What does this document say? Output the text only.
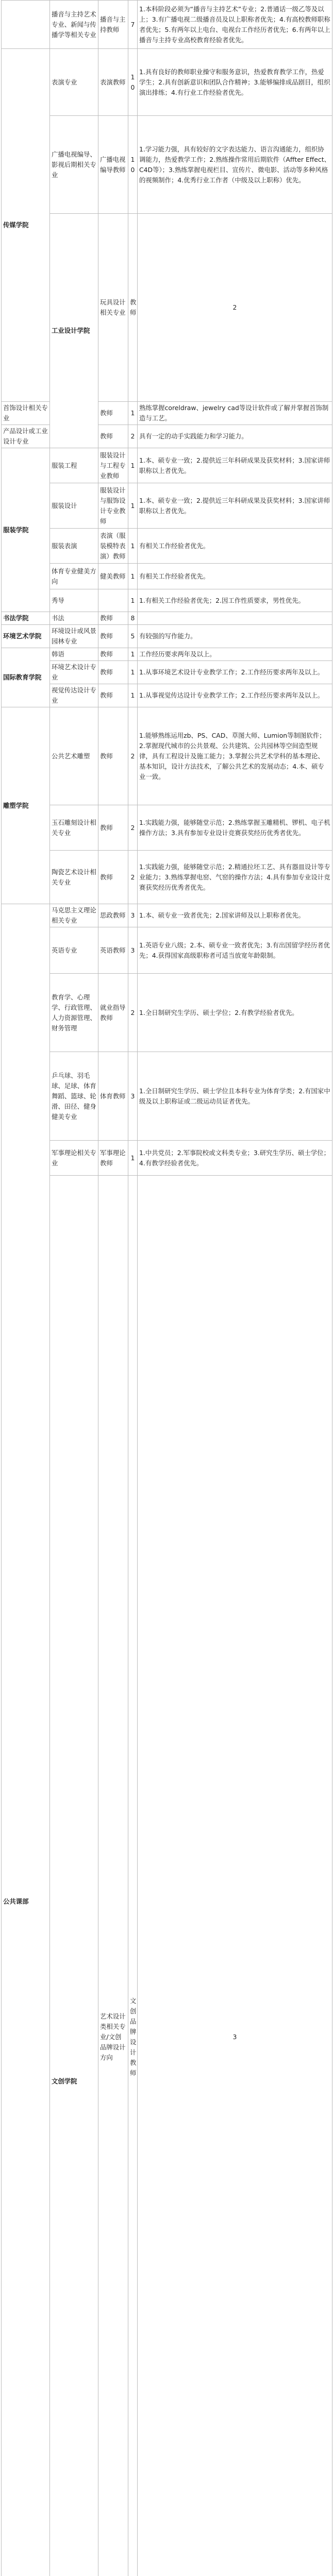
	播音与主持艺术专业、新闻与传播学等相关专业	播音与主持教师	7	1.本科阶段必须为“播音与主持艺术”专业；2.普通话一级乙等及以上；3.有广播电视二级播音员及以上职称者优先；4.有高校教师职称者优先；5.有两年以上电台、电视台工作经历者优先；6.有两年以上播音与主持专业高校教育经验者优先。	
传媒学院	表演专业	表演教师	10	1.具有良好的教师职业操守和服务意识，热爱教育教学工作，热爱学生；2.具有创新意识和团队合作精神；3.能够编排成品剧目，组织演出排练；4.有行业工作经验者优先。	
	广播电视编导、影视后期相关专业	广播电视编导教师	10	1.学习能力强，具有较好的文字表达能力、语言沟通能力，组织协调能力，热爱教学工作；2.熟练操作常用后期软件（Affter Effect、C4D等）；3.熟练掌握电视栏目、宣传片、微电影、活动等多种风格的视频制作；4.优秀行业工作者（中级及以上职称）优先。	
	工业设计学院	玩具设计相关专业	教师	2	
首饰设计相关专业		教师	1	熟练掌握coreldraw、jewelry cad等设计软件或了解并掌握首饰制造与工艺。	
产品设计或工业设计专业		教师	2	具有一定的动手实践能力和学习能力。	
服装学院	服装工程	服装设计与工程专业教师	1	1.本、硕专业一致；2.提供近三年科研成果及获奖材料；3.国家讲师职称以上者优先。	
	服装设计	服装设计与服饰设计专业教师	1	1.本、硕专业一致；2.提供近三年科研成果及获奖材料；3.国家讲师职称以上者优先。	
	服装表演	表演（服装模特表演）教师	1	有相关工作经验者优先。	
	体育专业健美方向	健美教师	1	有相关工作经验者优先。	
	秀导		1	1.有相关工作经验者优先；2.因工作性质要求，男性优先。	
书法学院	书法	教师	8		
环境艺术学院	环境设计或风景园林专业	教师	5	有较强的写作能力。	
国际教育学院	韩语	教师	1	工作经历要求两年及以上。	
	环境艺术设计专业	教师	1	1.从事环境艺术设计专业教学工作；2.工作经历要求两年及以上。	
	视觉传达设计专业	教师	1	1.从事视觉传达设计专业教学工作；2.工作经历要求两年及以上。	
雕塑学院	公共艺术雕塑	教师	2	1.能够熟练运用zb、PS、CAD、草图大师、Lumion等制图软件；2.掌握现代城市的公共景观、公共建筑、公共园林等空间造型规律，具有工程设计及施工能力；3.掌握公共艺术学科的基本理论、基本知识，设计方法技术，了解公共艺术的发展动态；4.本、硕专业一致。	
	玉石雕刻设计相关专业	教师	2	1.实践能力强，能够随堂示范；2.熟练掌握玉雕精机、锣机、电子机操作方法；3.具有参加专业设计竞赛获奖经历优秀者优先。	
	陶瓷艺术设计相关专业	教师	2	1.实践能力强，能够随堂示范；2.精通拉坯工艺、具有器皿设计等专业能力；3.熟练掌握电窑、气窑的操作方法；4.具有参加专业设计竞赛获奖经历优秀者优先。	
公共课部	马克思主义理论相关专业	思政教师	3	1.本、硕专业一致者优先；2.国家讲师及以上职称者优先。	
	英语专业	英语教师	3	1.英语专业八级；2.本、硕专业一致者优先；3.有出国留学经历者优先；4.获得国家高级职称者可适当放宽年龄限制。	
	教育学、心理学、行政管理、人力资源管理、财务管理	就业指导教师	2	1.全日制研究生学历、硕士学位；2.有教学经验者优先。	
	乒乓球、羽毛球、足球、体育舞蹈、篮球、轮滑、田径、健身健美专业	体育教师	3	1.全日制研究生学历、硕士学位且本科专业为体育学类；2.有国家中级及以上职称证或二级运动员证者优先。	
	军事理论相关专业	军事理论教师	1	1.中共党员；2.军事院校或文科类专业；3.研究生学历、硕士学位；4.有教学经验者优先。	
	文创学院	艺术设计类相关专业/文创品牌设计方向	文创品牌设计教师	3	
